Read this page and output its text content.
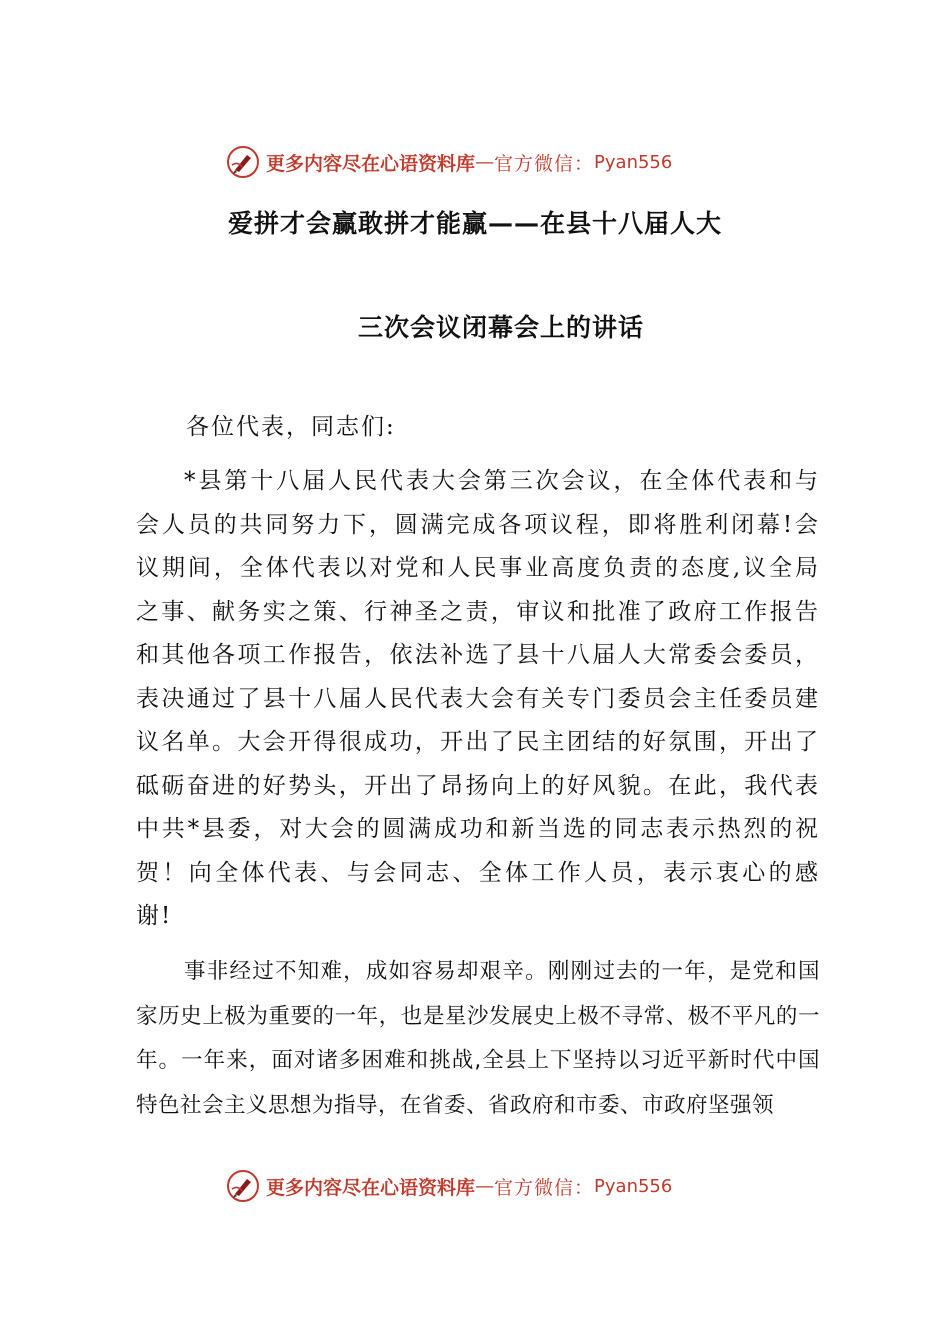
更多内容尽在心语资料库 — 官方微信： Pyan556
爱拼才会赢敢拼才能赢——在县十八届人大
三次会议闭幕会上的讲话
各位代表，同志们:
*县第十八届人民代表大会第三次会议，在全体代表和与会人员的共同努力下，圆满完成各项议程，即将胜利闭幕!会议期间，全体代表以对党和人民事业高度负责的态度,议全局之事、献务实之策、行神圣之责，审议和批准了政府工作报告和其他各项工作报告，依法补选了县十八届人大常委会委员，表决通过了县十八届人民代表大会有关专门委员会主任委员建议名单。大会开得很成功，开出了民主团结的好氛围，开出了砥砺奋进的好势头，开出了昂扬向上的好风貌。在此，我代表中共*县委，对大会的圆满成功和新当选的同志表示热烈的祝贺！向全体代表、与会同志、全体工作人员，表示衷心的感谢!
事非经过不知难，成如容易却艰辛。刚刚过去的一年，是党和国家历史上极为重要的一年，也是星沙发展史上极不寻常、极不平凡的一年。一年来，面对诸多困难和挑战,全县上下坚持以习近平新时代中国特色社会主义思想为指导，在省委、省政府和市委、市政府坚强领
更多内容尽在心语资料库 — 官方微信： Pyan556
